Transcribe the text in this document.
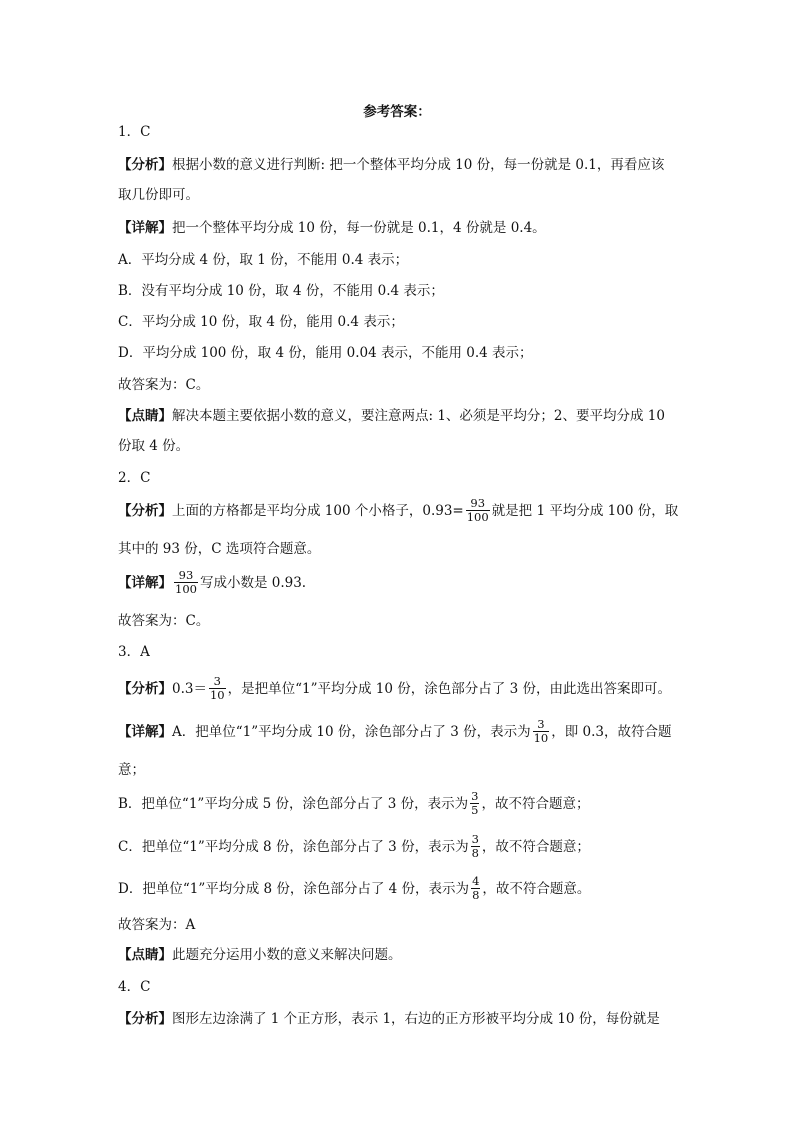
参考答案：
1．C
【分析】根据小数的意义进行判断: 把一个整体平均分成 10 份，每一份就是 0.1，再看应该
取几份即可。
【详解】把一个整体平均分成 10 份，每一份就是 0.1，4 份就是 0.4。
A．平均分成 4 份，取 1 份，不能用 0.4 表示；
B．没有平均分成 10 份，取 4 份，不能用 0.4 表示；
C．平均分成 10 份，取 4 份，能用 0.4 表示；
D．平均分成 100 份，取 4 份，能用 0.04 表示，不能用 0.4 表示；
故答案为：C。
【点睛】解决本题主要依据小数的意义，要注意两点: 1、必须是平均分；2、要平均分成 10
份取 4 份。
2．C
【分析】上面的方格都是平均分成 100 个小格子，$0.93= \frac{93}{100}$ 就是把 1 平均分成 100 份，取
其中的 93 份，C 选项符合题意。
【详解】 $\frac{93}{100}$ 写成小数是 0.93.
故答案为：C。
3．A
【分析】$0.3= \frac{3}{10}$ ，是把单位“1”平均分成 10 份，涂色部分占了 3 份，由此选出答案即可。
【详解】A．把单位“1”平均分成 10 份，涂色部分占了 3 份，表示为 $\frac{3}{10}$ ，即 0.3，故符合题
意；
B．把单位“1”平均分成 5 份，涂色部分占了 3 份，表示为 $\frac{3}{5}$ ，故不符合题意；
C．把单位“1”平均分成 8 份，涂色部分占了 3 份，表示为 $\frac{3}{8}$ ，故不符合题意；
D．把单位“1”平均分成 8 份，涂色部分占了 4 份，表示为 $\frac{4}{8}$ ，故不符合题意。
故答案为：A
【点睛】此题充分运用小数的意义来解决问题。
4．C
【分析】图形左边涂满了 1 个正方形，表示 1，右边的正方形被平均分成 10 份，每份就是
